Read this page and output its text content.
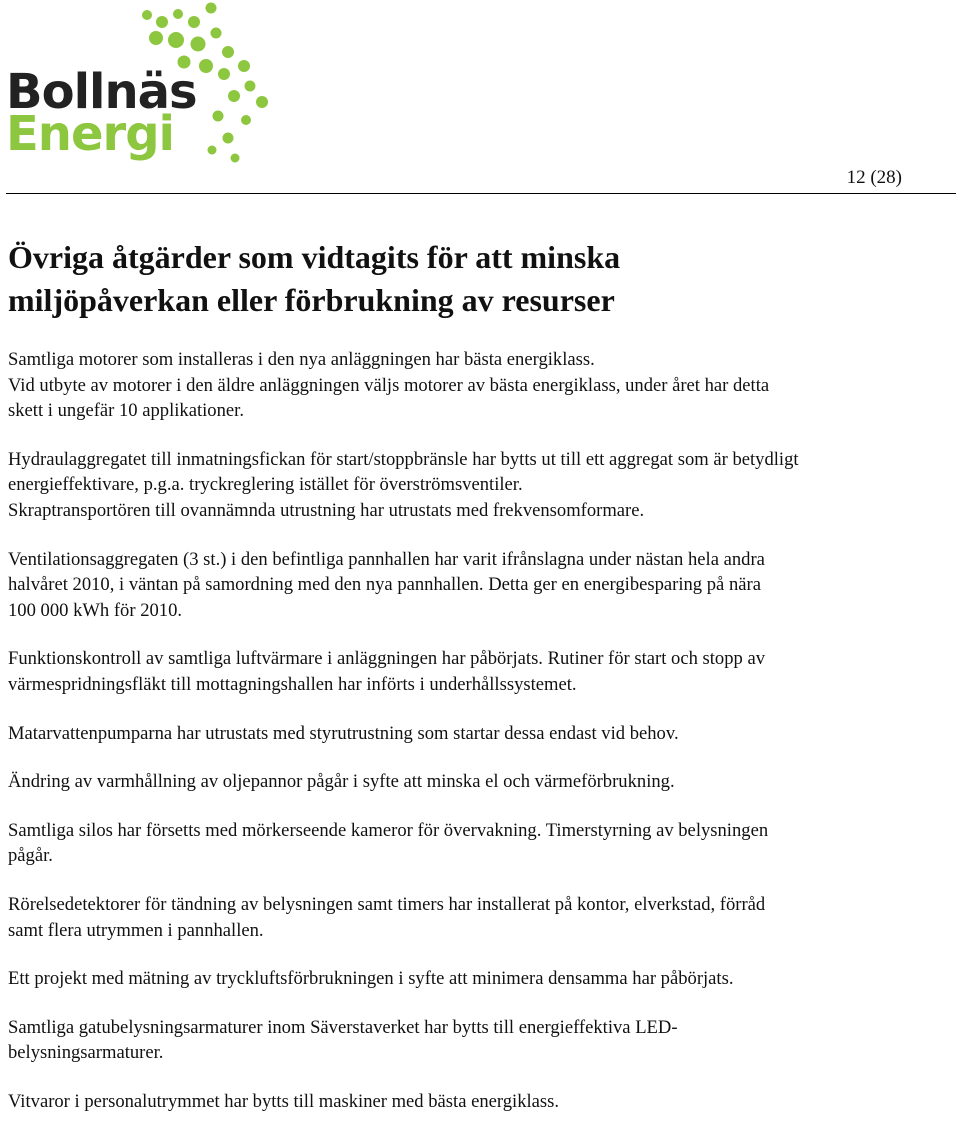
Bollnäs
Energi
12 (28)
Övriga åtgärder som vidtagits för att minska
miljöpåverkan eller förbrukning av resurser

Samtliga motorer som installeras i den nya anläggningen har bästa energiklass.
Vid utbyte av motorer i den äldre anläggningen väljs motorer av bästa energiklass, under året har detta
skett i ungefär 10 applikationer.

Hydraulaggregatet till inmatningsfickan för start/stoppbränsle har bytts ut till ett aggregat som är betydligt
energieffektivare, p.g.a. tryckreglering istället för överströmsventiler.
Skraptransportören till ovannämnda utrustning har utrustats med frekvensomformare.

Ventilationsaggregaten (3 st.) i den befintliga pannhallen har varit ifrånslagna under nästan hela andra
halvåret 2010, i väntan på samordning med den nya pannhallen. Detta ger en energibesparing på nära
100 000 kWh för 2010.

Funktionskontroll av samtliga luftvärmare i anläggningen har påbörjats. Rutiner för start och stopp av
värmespridningsfläkt till mottagningshallen har införts i underhållssystemet.

Matarvattenpumparna har utrustats med styrutrustning som startar dessa endast vid behov.

Ändring av varmhållning av oljepannor pågår i syfte att minska el och värmeförbrukning.

Samtliga silos har försetts med mörkerseende kameror för övervakning. Timerstyrning av belysningen
pågår.

Rörelsedetektorer för tändning av belysningen samt timers har installerat på kontor, elverkstad, förråd
samt flera utrymmen i pannhallen.

Ett projekt med mätning av tryckluftsförbrukningen i syfte att minimera densamma har påbörjats.

Samtliga gatubelysningsarmaturer inom Säverstaverket har bytts till energieffektiva LED-
belysningsarmaturer.

Vitvaror i personalutrymmet har bytts till maskiner med bästa energiklass.
